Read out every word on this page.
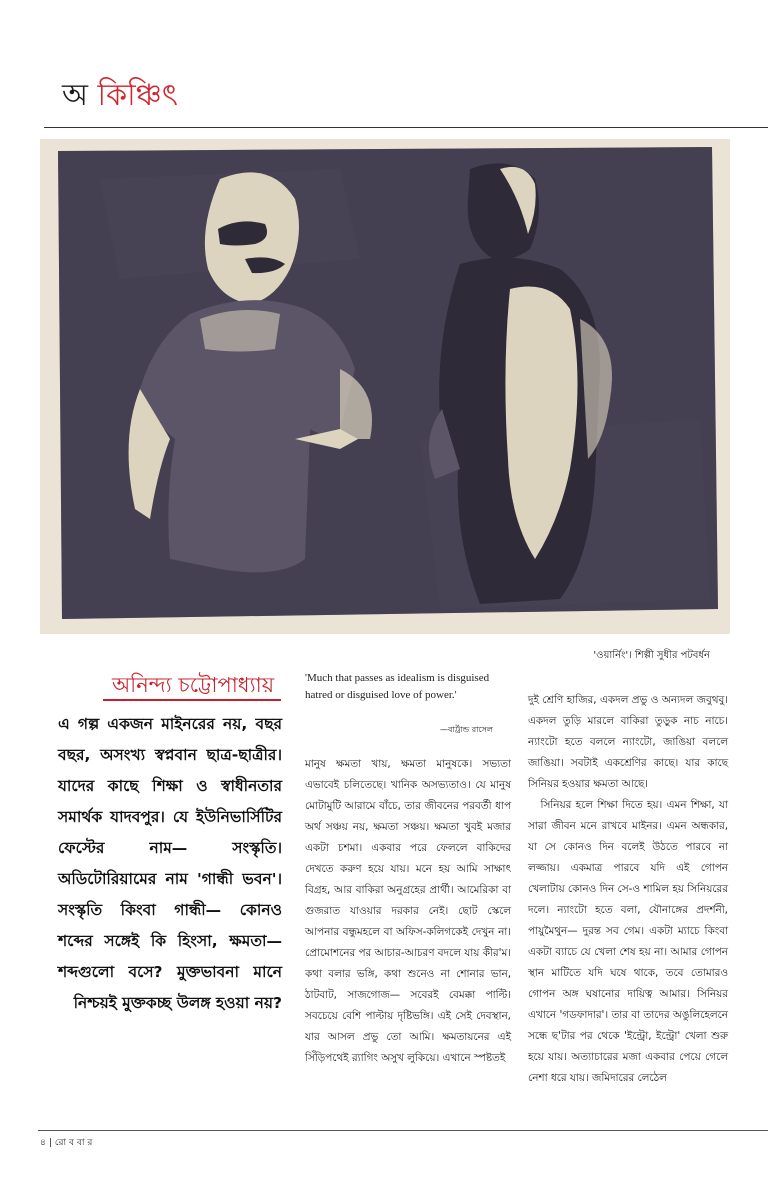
অ কিঞ্চিৎ
'ওয়ার্নিং'। শিল্পী সুধীর পটবর্ধন
অনিন্দ্য চট্টোপাধ্যায়
এ গল্প একজন মাইনরের নয়, বছর বছর, অসংখ্য স্বপ্নবান ছাত্র-ছাত্রীর। যাদের কাছে শিক্ষা ও স্বাধীনতার সমার্থক যাদবপুর। যে ইউনিভার্সিটির ফেস্টের নাম— সংস্কৃতি। অডিটোরিয়ামের নাম 'গান্ধী ভবন'। সংস্কৃতি কিংবা গান্ধী— কোনও শব্দের সঙ্গেই কি হিংসা, ক্ষমতা— শব্দগুলো বসে? মুক্তভাবনা মানে নিশ্চয়ই মুক্তকচ্ছ উলঙ্গ হওয়া নয়?
'Much that passes as idealism is disguised hatred or disguised love of power.'
—বার্ট্রান্ড রাসেল

মানুষ ক্ষমতা খায়, ক্ষমতা মানুষকে। সভ্যতা এভাবেই চলিতেছে। খানিক অসভ্যতাও। যে মানুষ মোটামুটি আরামে বাঁচে, তার জীবনের পরবর্তী ধাপ অর্থ সঞ্চয় নয়, ক্ষমতা সঞ্চয়। ক্ষমতা খুবই মজার একটা চশমা। একবার পরে ফেললে বাকিদের দেখতে করুণ হয়ে যায়। মনে হয় আমি সাক্ষাৎ বিগ্রহ, আর বাকিরা অনুগ্রহের প্রার্থী। আমেরিকা বা গুজরাত যাওয়ার দরকার নেই। ছোট স্কেলে আপনার বন্ধুমহলে বা অফিস-কলিগকেই দেখুন না। প্রোমোশনের পর আচার-আচরণ বদলে যায় কীর'ম। কথা বলার ভঙ্গি, কথা শুনেও না শোনার ভান, ঠাটবাট, সাজগোজ— সবেরই বেমক্কা পাল্টি। সবচেয়ে বেশি পাল্টায় দৃষ্টিভঙ্গি। এই সেই দেবস্থান, যার আসল প্রভু তো আমি। ক্ষমতায়নের এই সিঁড়িপথেই র‍্যাগিং অসুখ লুকিয়ে। এখানে স্পষ্টতই

দুই শ্রেণি হাজির, একদল প্রভু ও অন্যদল জবুথবু। একদল তুড়ি মারলে বাকিরা তুড়ুক নাচ নাচে। ন্যাংটো হতে বললে ন্যাংটো, জাঙিয়া বললে জাঙিয়া। সবটাই একশ্রেণির কাছে। যার কাছে সিনিয়র হওয়ার ক্ষমতা আছে।

সিনিয়র হলে শিক্ষা দিতে হয়। এমন শিক্ষা, যা সারা জীবন মনে রাখবে মাইনর। এমন অন্ধকার, যা সে কোনও দিন বলেই উঠতে পারবে না লজ্জায়। একমাত্র পারবে যদি এই গোপন খেলাটায় কোনও দিন সে-ও শামিল হয় সিনিয়রের দলে। ন্যাংটো হতে বলা, যৌনাঙ্গের প্রদর্শনী, পায়ুমৈথুন— দুরন্ত সব গেম। একটা ম্যাচে কিংবা একটা ব্যাচে যে খেলা শেষ হয় না। আমার গোপন স্থান মাটিতে যদি ঘষে থাকে, তবে তোমারও গোপন অঙ্গ ঘষানোর দায়িত্ব আমার। সিনিয়র এখানে 'গডফাদার'। তার বা তাদের অঙুলিহেলনে সন্ধে ছ'টার পর থেকে 'ইন্ট্রো, ইন্ট্রো' খেলা শুরু হয়ে যায়। অত্যাচারের মজা একবার পেয়ে গেলে নেশা ধরে যায়। জমিদারের লেঠেল

৪ | রো ব বা র
